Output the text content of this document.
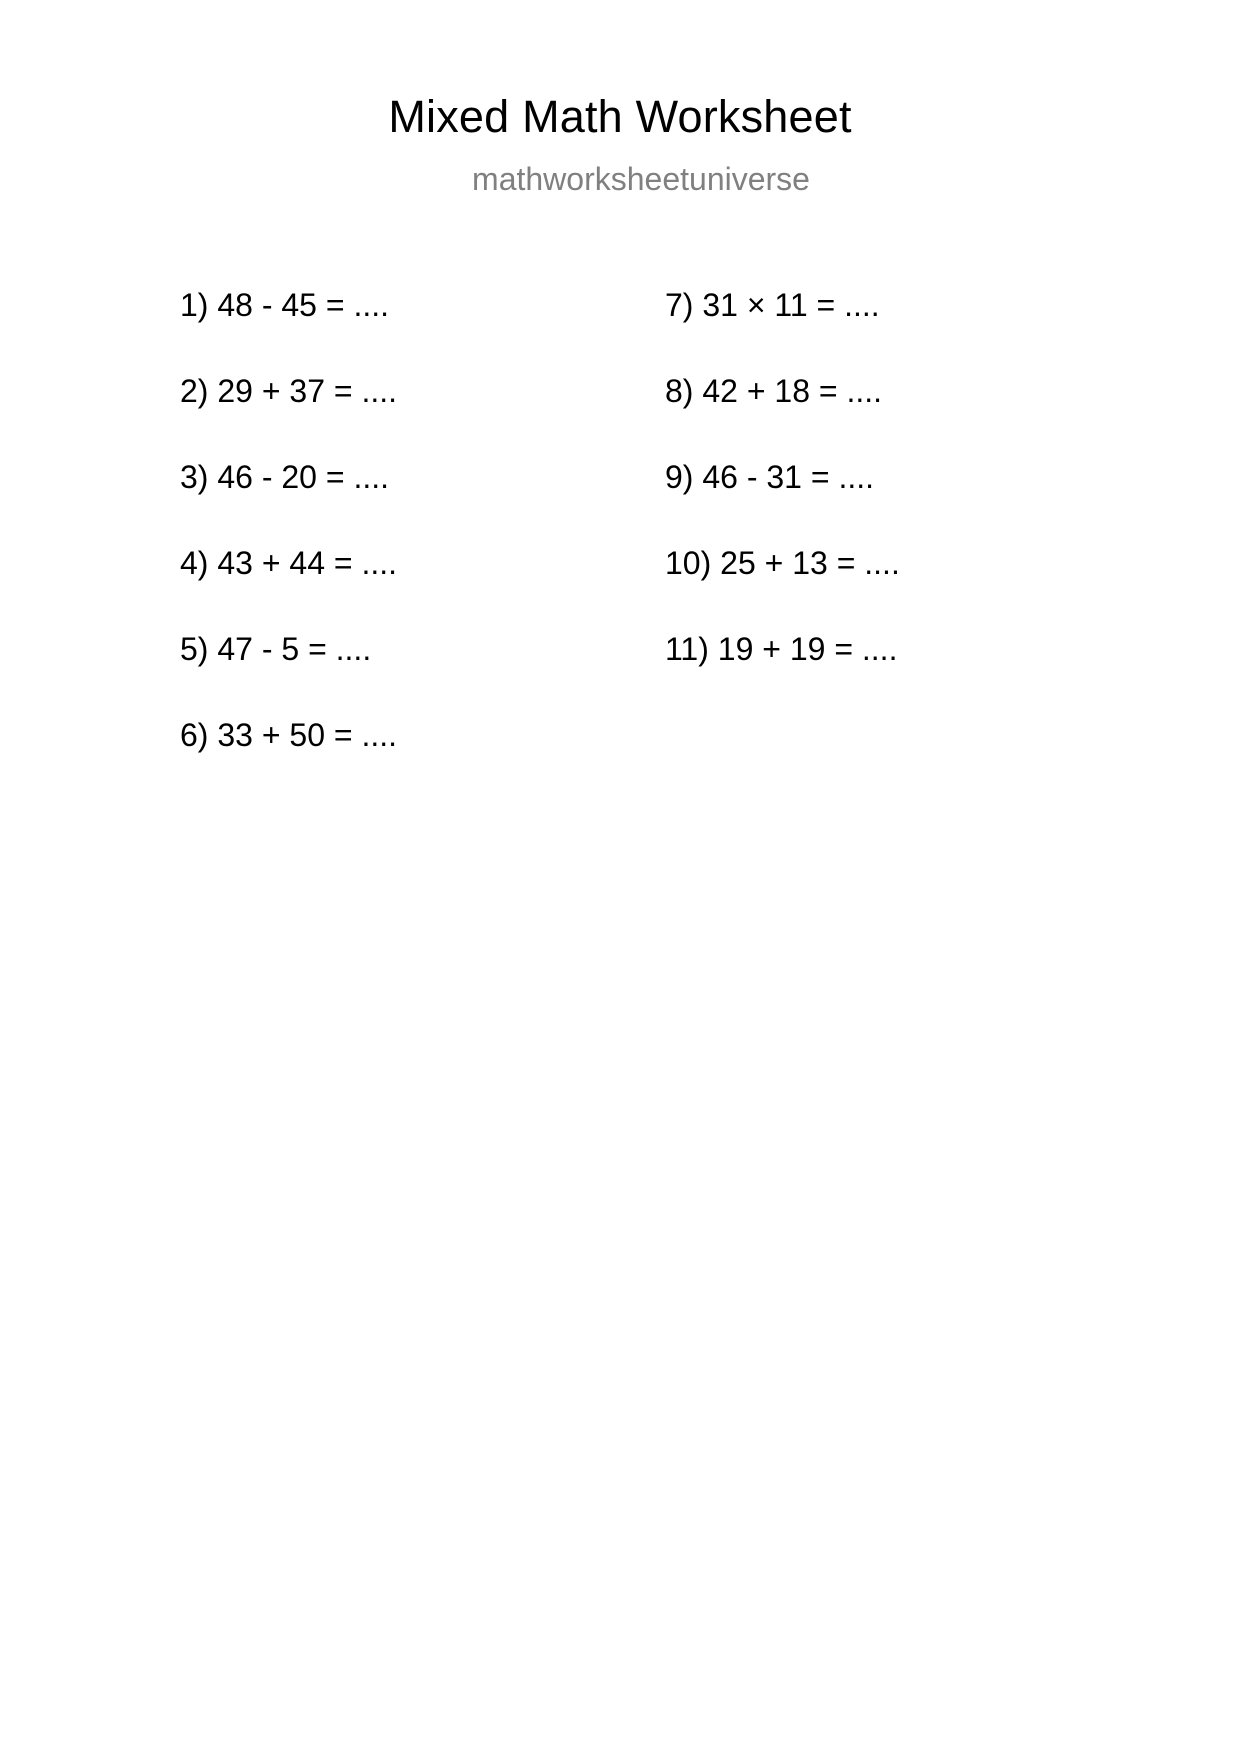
Mixed Math Worksheet
mathworksheetuniverse
1) 48 - 45 = ....
2) 29 + 37 = ....
3) 46 - 20 = ....
4) 43 + 44 = ....
5) 47 - 5 = ....
6) 33 + 50 = ....
7) 31 × 11 = ....
8) 42 + 18 = ....
9) 46 - 31 = ....
10) 25 + 13 = ....
11) 19 + 19 = ....
